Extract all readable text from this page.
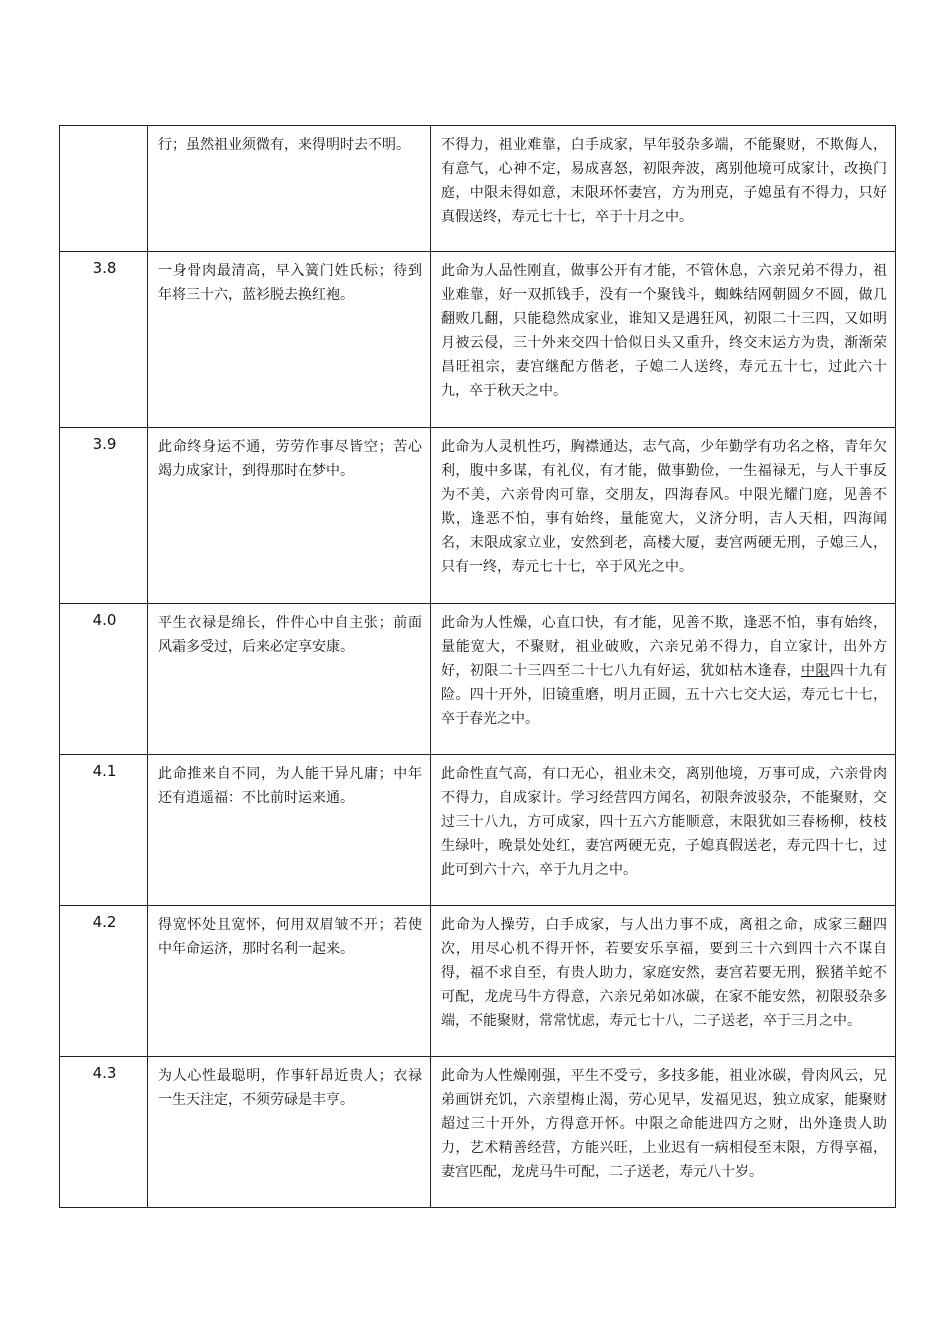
	行；虽然祖业须微有，来得明时去不明。	不得力，祖业难靠，白手成家，早年驳杂多端，不能聚财，不欺侮人，有意气，心神不定，易成喜怒，初限奔波，离别他境可成家计，改换门庭，中限未得如意，末限环怀妻宫，方为刑克，子媳虽有不得力，只好真假送终，寿元七十七，卒于十月之中。
3.8	一身骨肉最清高，早入簧门姓氏标；待到年将三十六，蓝衫脱去换红袍。	此命为人品性刚直，做事公开有才能，不管休息，六亲兄弟不得力，祖业难靠，好一双抓钱手，没有一个聚钱斗，蜘蛛结网朝圆夕不圆，做几翻败几翻，只能稳然成家业，谁知又是遇狂风，初限二十三四，又如明月被云侵，三十外来交四十恰似日头又重升，终交末运方为贵，渐渐荣昌旺祖宗，妻宫继配方偕老，子媳二人送终，寿元五十七，过此六十九，卒于秋天之中。
3.9	此命终身运不通，劳劳作事尽皆空；苦心竭力成家计，到得那时在梦中。	此命为人灵机性巧，胸襟通达，志气高，少年勤学有功名之格，青年欠利，腹中多谋，有礼仪，有才能，做事勤俭，一生福禄无，与人干事反为不美，六亲骨肉可靠，交朋友，四海春风。中限光耀门庭，见善不欺，逢恶不怕，事有始终，量能宽大，义济分明，吉人天相，四海闻名，末限成家立业，安然到老，高楼大厦，妻宫两硬无刑，子媳三人，只有一终，寿元七十七，卒于风光之中。
4.0	平生衣禄是绵长，件件心中自主张；前面风霜多受过，后来必定享安康。	此命为人性燥，心直口快，有才能，见善不欺，逢恶不怕，事有始终，量能宽大，不聚财，祖业破败，六亲兄弟不得力，自立家计，出外方好，初限二十三四至二十七八九有好运，犹如枯木逢春，中限四十九有险。四十开外，旧镜重磨，明月正圆，五十六七交大运，寿元七十七，卒于春光之中。
4.1	此命推来自不同，为人能干异凡庸；中年还有逍遥福：不比前时运来通。	此命性直气高，有口无心，祖业未交，离别他境，万事可成，六亲骨肉不得力，自成家计。学习经营四方闻名，初限奔波驳杂，不能聚财，交过三十八九，方可成家，四十五六方能顺意，末限犹如三春杨柳，枝枝生绿叶，晚景处处红，妻宫两硬无克，子媳真假送老，寿元四十七，过此可到六十六，卒于九月之中。
4.2	得宽怀处且宽怀，何用双眉皱不开；若使中年命运济，那时名利一起来。	此命为人操劳，白手成家，与人出力事不成，离祖之命，成家三翻四次，用尽心机不得开怀，若要安乐享福，要到三十六到四十六不谋自得，福不求自至，有贵人助力，家庭安然，妻宫若要无刑，猴猪羊蛇不可配，龙虎马牛方得意，六亲兄弟如冰碳，在家不能安然，初限驳杂多端，不能聚财，常常忧虑，寿元七十八，二子送老，卒于三月之中。
4.3	为人心性最聪明，作事轩昂近贵人；衣禄一生天注定，不须劳碌是丰亨。	此命为人性燥刚强，平生不受亏，多技多能，祖业冰碳，骨肉风云，兄弟画饼充饥，六亲望梅止渴，劳心见早，发福见迟，独立成家，能聚财超过三十开外，方得意开怀。中限之命能进四方之财，出外逢贵人助力，艺术精善经营，方能兴旺，上业迟有一病相侵至末限，方得享福，妻宫匹配，龙虎马牛可配，二子送老，寿元八十岁。
